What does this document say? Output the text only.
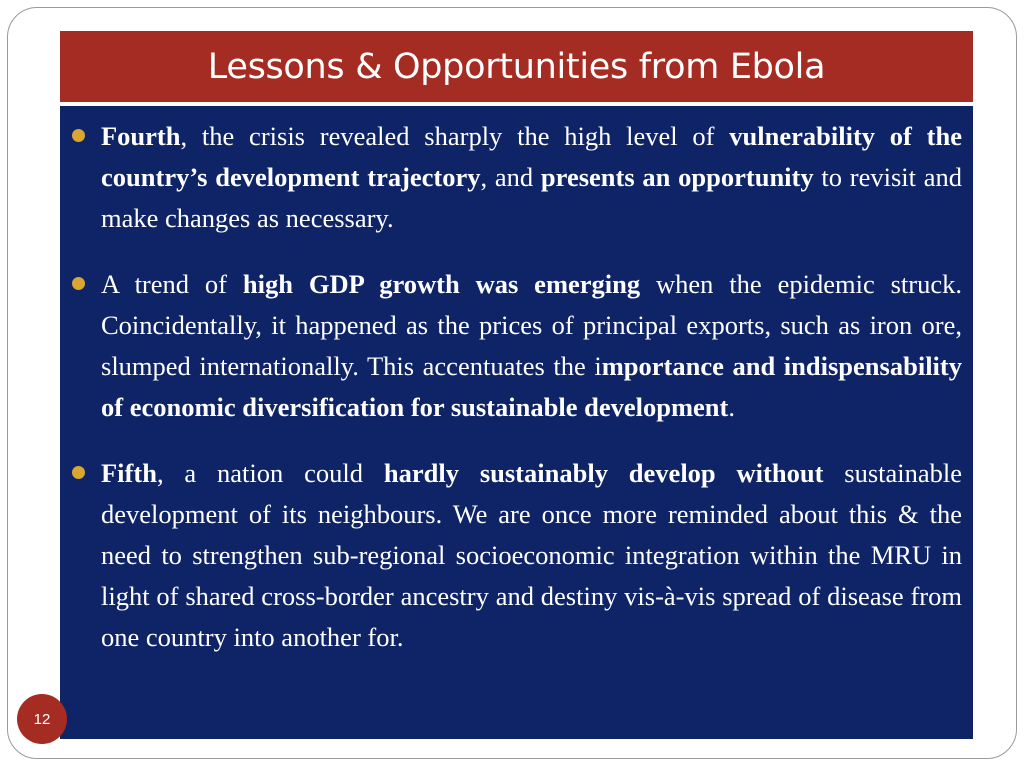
Lessons & Opportunities from Ebola
Fourth, the crisis revealed sharply the high level of vulnerability of the country’s development trajectory, and presents an opportunity to revisit and make changes as necessary.
A trend of high GDP growth was emerging when the epidemic struck. Coincidentally, it happened as the prices of principal exports, such as iron ore, slumped internationally. This accentuates the importance and indispensability of economic diversification for sustainable development.
Fifth, a nation could hardly sustainably develop without sustainable development of its neighbours. We are once more reminded about this & the need to strengthen sub-regional socioeconomic integration within the MRU in light of shared cross-border ancestry and destiny vis-à-vis spread of disease from one country into another for.
12
